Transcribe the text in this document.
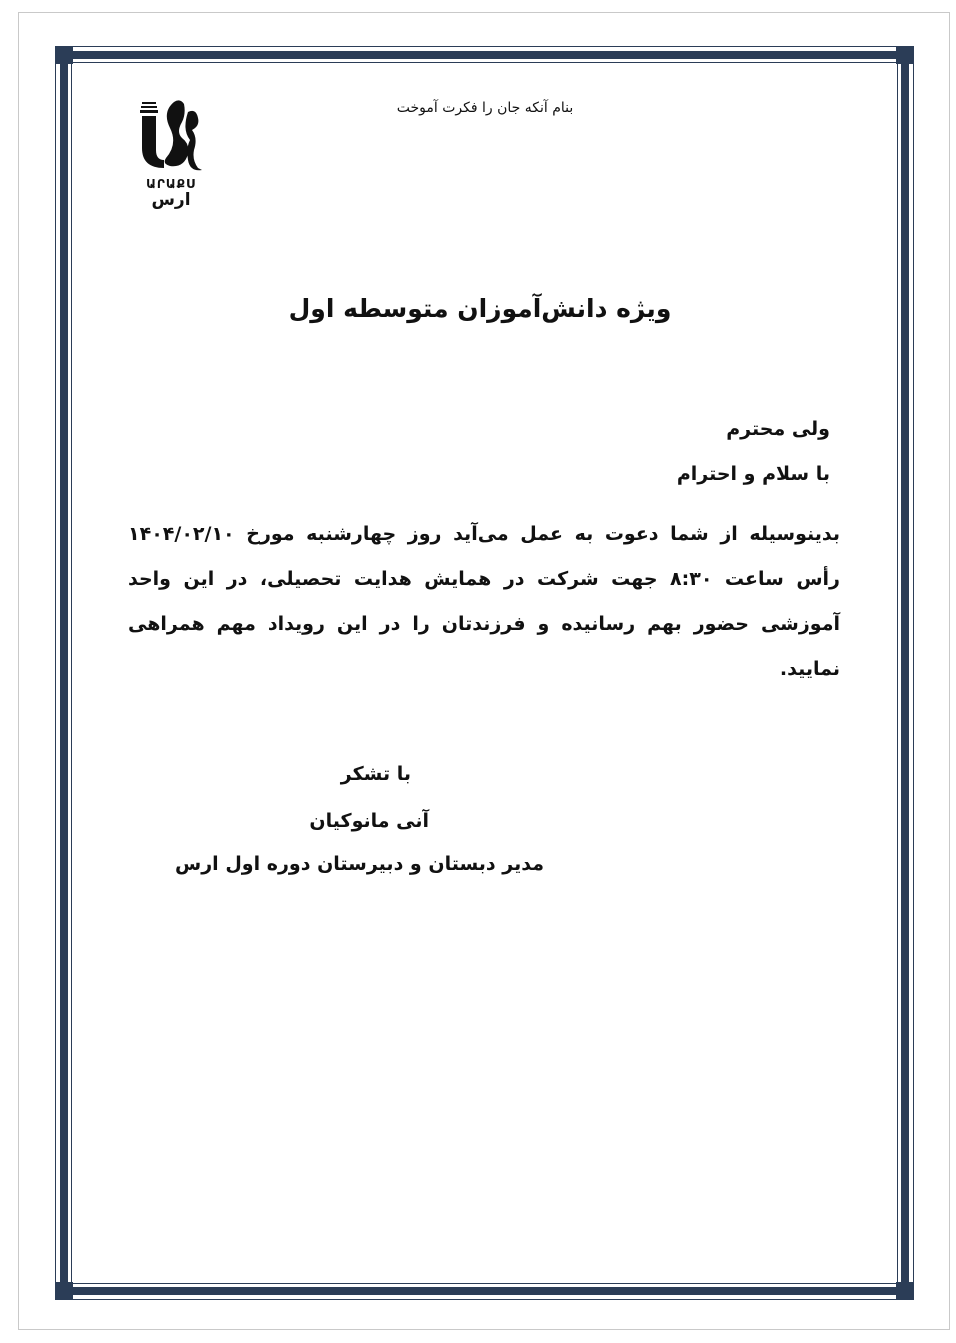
بنام آنکه جان را فکرت آموخت
ԱՐԱՔՍ
ارس
ویژه دانش‌آموزان متوسطه اول
ولی محترم
با سلام و احترام
بدینوسیله از شما دعوت به عمل می‌آید روز چهارشنبه مورخ ۱۴۰۴/۰۲/۱۰ رأس ساعت ۸:۳۰ جهت شرکت در همایش هدایت تحصیلی، در این واحد آموزشی حضور بهم رسانیده و فرزندتان را در این رویداد مهم همراهی نمایید.
با تشکر
آنی مانوکیان
مدیر دبستان و دبیرستان دوره اول ارس
